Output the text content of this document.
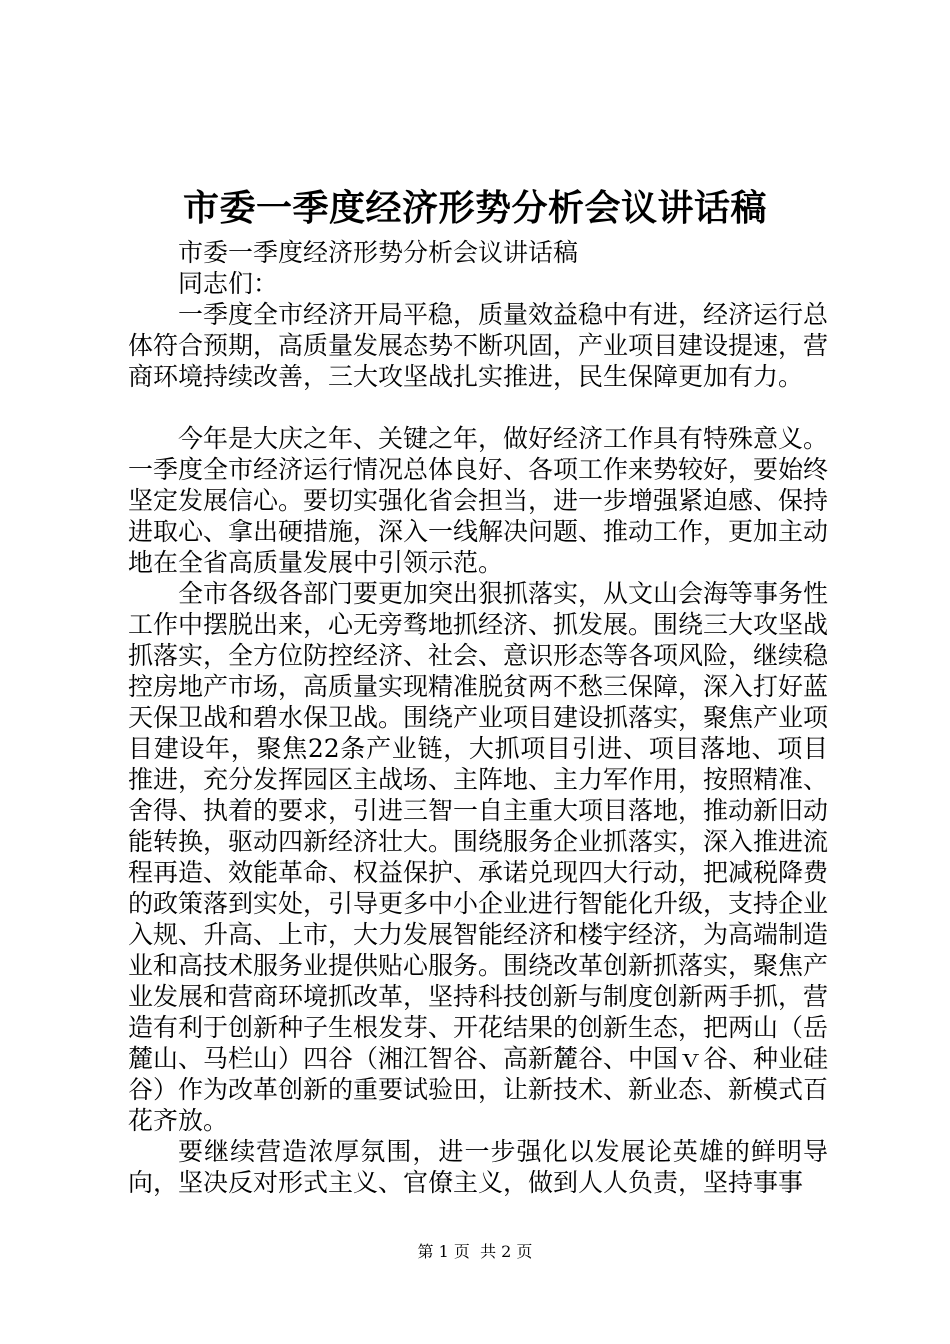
市委一季度经济形势分析会议讲话稿

市委一季度经济形势分析会议讲话稿

同志们：

一季度全市经济开局平稳，质量效益稳中有进，经济运行总体符合预期，高质量发展态势不断巩固，产业项目建设提速，营商环境持续改善，三大攻坚战扎实推进，民生保障更加有力。

今年是大庆之年、关键之年，做好经济工作具有特殊意义。一季度全市经济运行情况总体良好、各项工作来势较好，要始终坚定发展信心。要切实强化省会担当，进一步增强紧迫感、保持进取心、拿出硬措施，深入一线解决问题、推动工作，更加主动地在全省高质量发展中引领示范。

全市各级各部门要更加突出狠抓落实，从文山会海等事务性工作中摆脱出来，心无旁骛地抓经济、抓发展。围绕三大攻坚战抓落实，全方位防控经济、社会、意识形态等各项风险，继续稳控房地产市场，高质量实现精准脱贫两不愁三保障，深入打好蓝天保卫战和碧水保卫战。围绕产业项目建设抓落实，聚焦产业项目建设年，聚焦22条产业链，大抓项目引进、项目落地、项目推进，充分发挥园区主战场、主阵地、主力军作用，按照精准、舍得、执着的要求，引进三智一自主重大项目落地，推动新旧动能转换，驱动四新经济壮大。围绕服务企业抓落实，深入推进流程再造、效能革命、权益保护、承诺兑现四大行动，把减税降费的政策落到实处，引导更多中小企业进行智能化升级，支持企业入规、升高、上市，大力发展智能经济和楼宇经济，为高端制造业和高技术服务业提供贴心服务。围绕改革创新抓落实，聚焦产业发展和营商环境抓改革，坚持科技创新与制度创新两手抓，营造有利于创新种子生根发芽、开花结果的创新生态，把两山（岳麓山、马栏山）四谷（湘江智谷、高新麓谷、中国ｖ谷、种业硅谷）作为改革创新的重要试验田，让新技术、新业态、新模式百花齐放。

要继续营造浓厚氛围，进一步强化以发展论英雄的鲜明导向，坚决反对形式主义、官僚主义，做到人人负责，坚持事事

第 1 页 共 2 页
